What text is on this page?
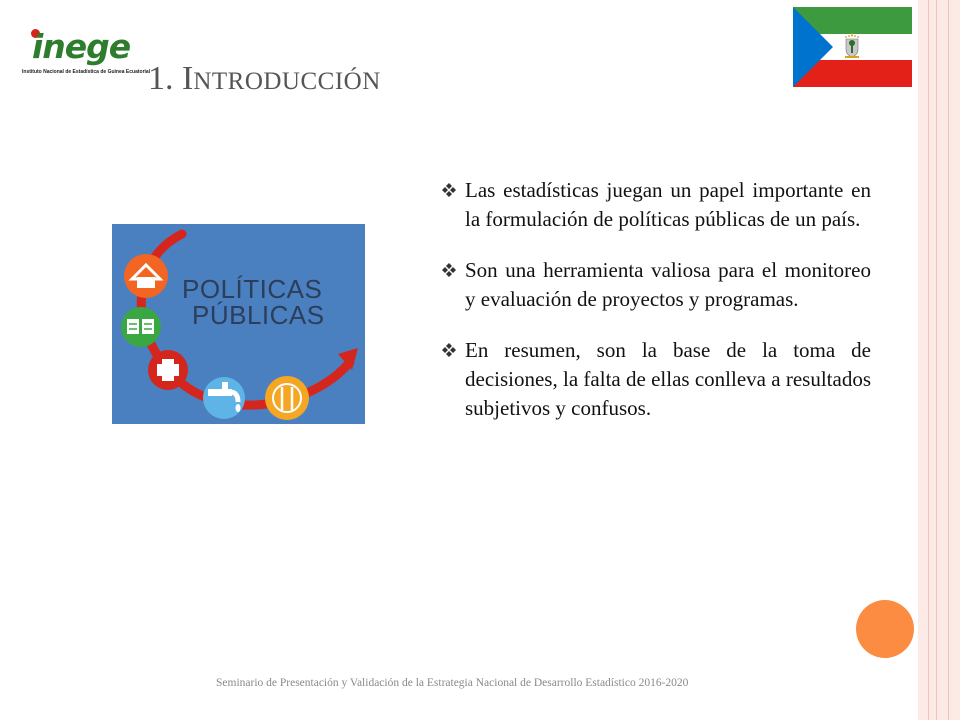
inege
Instituto Nacional de Estadística de Guinea Ecuatorial
1. INTRODUCCIÓN
POLÍTICAS
PÚBLICAS
Las estadísticas juegan un papel importante en la formulación de políticas públicas de un país.
Son una herramienta valiosa para el monitoreo y evaluación de proyectos y programas.
En resumen, son la base de la toma de decisiones, la falta de ellas conlleva a resultados subjetivos y confusos.
Seminario de Presentación y Validación de la Estrategia Nacional de Desarrollo Estadístico 2016-2020
